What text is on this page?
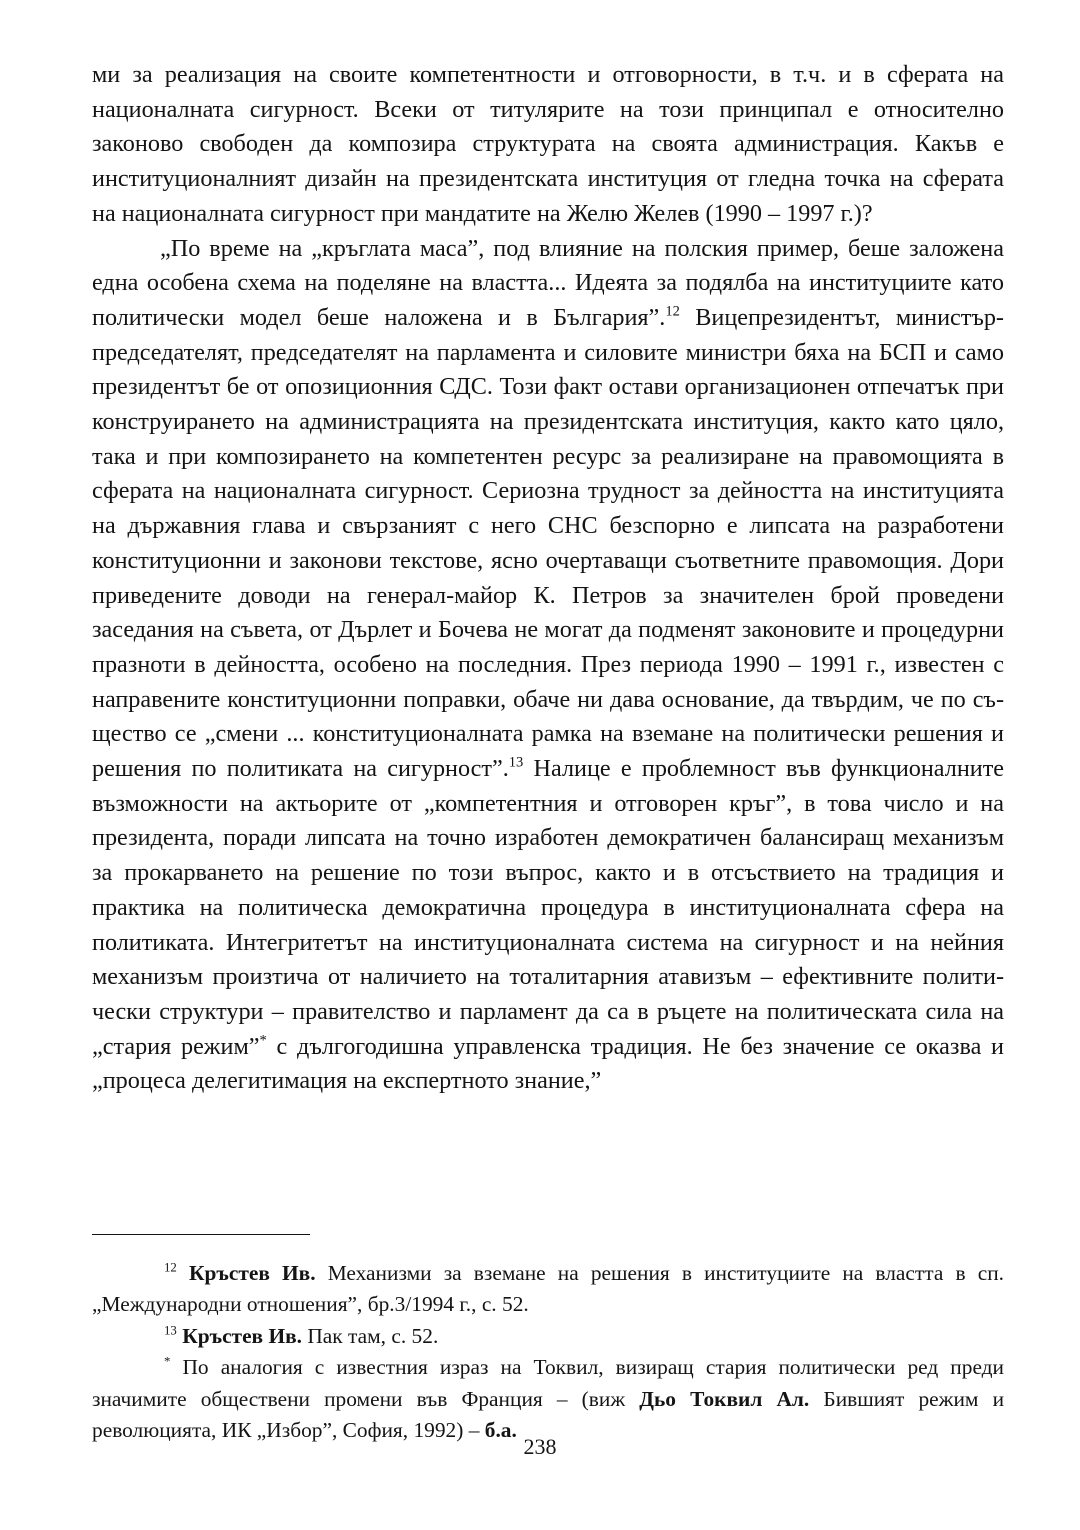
ми за реализация на своите компетентности и отговорности, в т.ч. и в сферата на националната сигурност. Всеки от титулярите на този принципал е относително законово свободен да композира структурата на своята администрация. Какъв е институционалният дизайн на президентската институция от гледна точка на сферата на националната сигурност при мандатите на Желю Желев (1990 – 1997 г.)?

„По време на „кръглата маса”, под влияние на полския пример, беше заложена една особена схема на поделяне на властта... Идеята за подялба на институциите като политически модел беше наложена и в България”.$^{12}$ Вицепрезидентът, министър-председателят, председателят на парламента и силовите министри бяха на БСП и само президентът бе от опозиционния СДС. Този факт остави организационен отпечатък при конструирането на администрацията на президентската институция, както като цяло, така и при композирането на компетентен ресурс за реализиране на правомощията в сферата на националната сигурност. Сериозна трудност за дейността на институцията на държавния глава и свързаният с него СНС безспорно е липсата на разработени конституционни и законови текстове, ясно очертаващи съответните правомощия. Дори приведените доводи на генерал-майор К. Петров за значителен брой проведени заседания на съвета, от Дърлет и Бочева не могат да подменят законовите и процедурни празноти в дейността, особено на последния. През периода 1990 – 1991 г., известен с направените конституционни поправки, обаче ни дава основание, да твърдим, че по същество се „смени ... конституционалната рамка на вземане на политически решения и решения по политиката на сигурност”.$^{13}$ Налице е проблемност във функционалните възможности на актьорите от „компетентния и отговорен кръг”, в това число и на президента, поради липсата на точно изработен демократичен балансиращ механизъм за прокарването на решение по този въпрос, както и в отсъствието на традиция и практика на политическа демократична процедура в институционалната сфера на политиката. Интегритетът на институционалната система на сигурност и на нейния механизъм произтича от наличието на тоталитарния атавизъм – ефективните политически структури – правителство и парламент да са в ръцете на политическата сила на „стария режим”* с дългогодишна управленска традиция. Не без значение се оказва и „процеса делегитимация на експертното знание,”

$^{12}$ Кръстев Ив. Механизми за вземане на решения в институциите на властта в сп. „Международни отношения”, бр.3/1994 г., с. 52.

$^{13}$ Кръстев Ив. Пак там, с. 52.

* По аналогия с известния израз на Токвил, визиращ стария политически ред преди значимите обществени промени във Франция – (виж Дьо Токвил Ал. Бившият режим и революцията, ИК „Избор”, София, 1992) – б.а.

238
